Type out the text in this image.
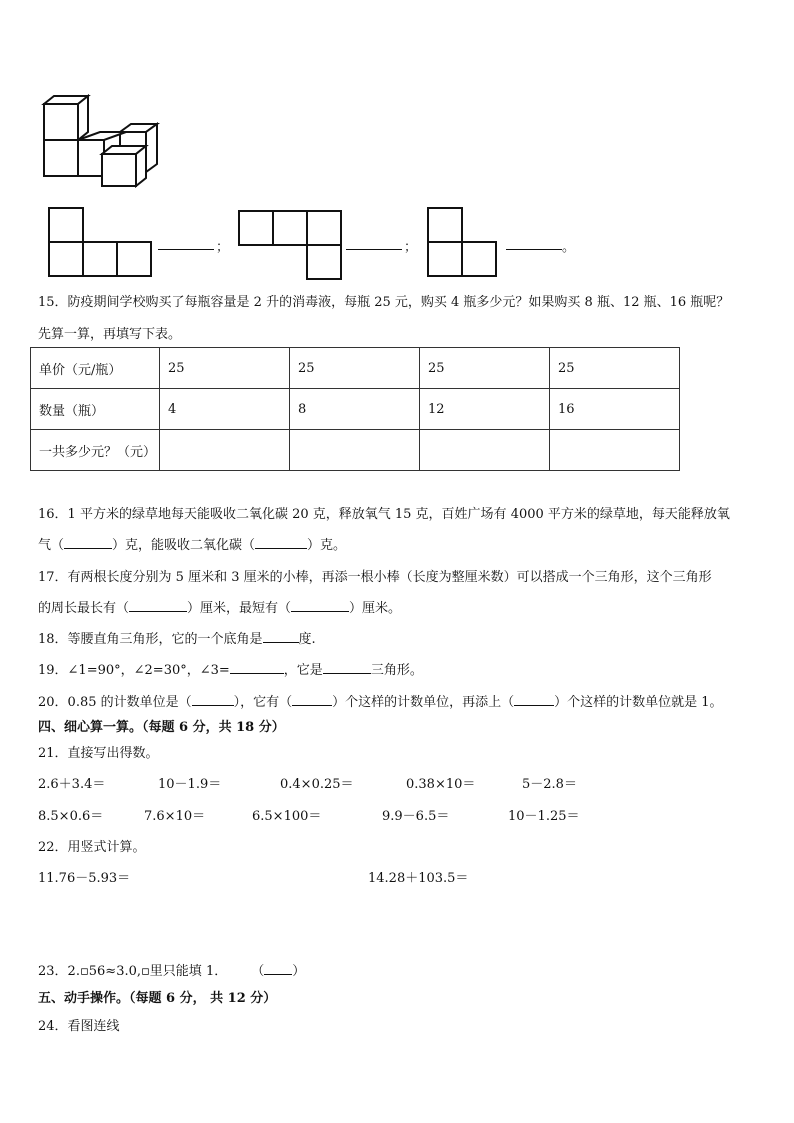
；	；	。
15．防疫期间学校购买了每瓶容量是 2 升的消毒液，每瓶 25 元，购买 4 瓶多少元？如果购买 8 瓶、12 瓶、16 瓶呢？
先算一算，再填写下表。
单价（元/瓶）	25	25	25	25
数量（瓶）	4	8	12	16
一共多少元？（元）				
16．1 平方米的绿草地每天能吸收二氧化碳 20 克，释放氧气 15 克，百姓广场有 4000 平方米的绿草地，每天能释放氧
气（	）克，能吸收二氧化碳（	）克。
17．有两根长度分别为 5 厘米和 3 厘米的小棒，再添一根小棒（长度为整厘米数）可以搭成一个三角形，这个三角形
的周长最长有（	）厘米，最短有（	）厘米。
18．等腰直角三角形，它的一个底角是	度.
19．∠1=90°，∠2=30°，∠3=	，它是	三角形。
20．0.85 的计数单位是（	），它有（	）个这样的计数单位，再添上（	）个这样的计数单位就是 1。
四、细心算一算。（每题 6 分，共 18 分）
21．直接写出得数。
2.6＋3.4＝	10－1.9＝	0.4×0.25＝	0.38×10＝	5－2.8＝
8.5×0.6＝	7.6×10＝	6.5×100＝	9.9－6.5＝	10－1.25＝
22．用竖式计算。
11.76－5.93＝	14.28＋103.5＝
23．2.▫56≈3.0,▫里只能填 1． （ ）
五、动手操作。（每题 6 分， 共 12 分）
24．看图连线
